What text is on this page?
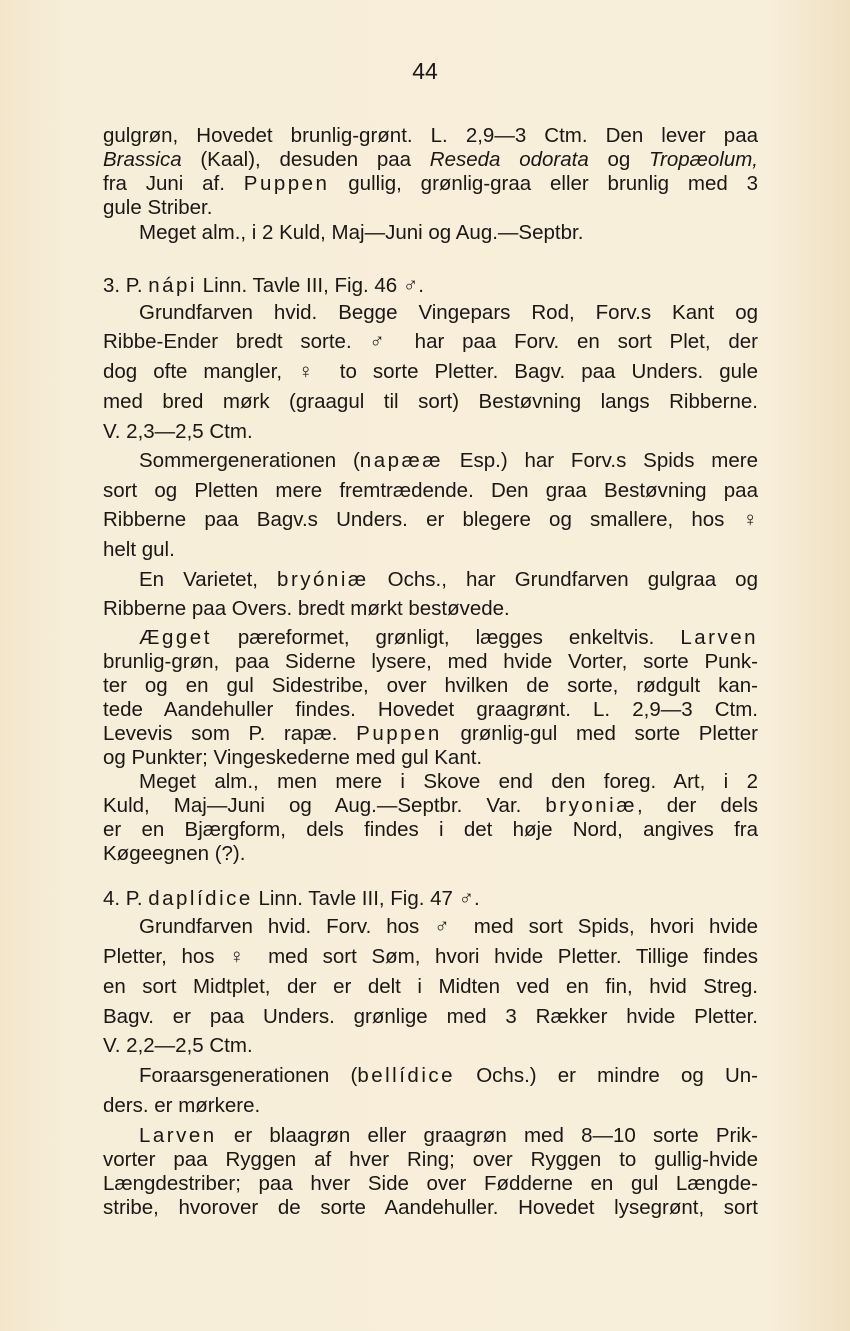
44
gulgrøn, Hovedet brunlig-grønt. L. 2,9—3 Ctm. Den lever paa
Brassica (Kaal), desuden paa Reseda odorata og Tropæolum,
fra Juni af. Puppen gullig, grønlig-graa eller brunlig med 3
gule Striber.
Meget alm., i 2 Kuld, Maj—Juni og Aug.—Septbr.
3. P. nápi Linn. Tavle III, Fig. 46 ♂.
Grundfarven hvid. Begge Vingepars Rod, Forv.s Kant og
Ribbe-Ender bredt sorte. ♂ har paa Forv. en sort Plet, der
dog ofte mangler, ♀ to sorte Pletter. Bagv. paa Unders. gule
med bred mørk (graagul til sort) Bestøvning langs Ribberne.
V. 2,3—2,5 Ctm.
Sommergenerationen (napææ Esp.) har Forv.s Spids mere
sort og Pletten mere fremtrædende. Den graa Bestøvning paa
Ribberne paa Bagv.s Unders. er blegere og smallere, hos ♀
helt gul.
En Varietet, bryóniæ Ochs., har Grundfarven gulgraa og
Ribberne paa Overs. bredt mørkt bestøvede.
Ægget pæreformet, grønligt, lægges enkeltvis. Larven
brunlig-grøn, paa Siderne lysere, med hvide Vorter, sorte Punk-
ter og en gul Sidestribe, over hvilken de sorte, rødgult kan-
tede Aandehuller findes. Hovedet graagrønt. L. 2,9—3 Ctm.
Levevis som P. rapæ. Puppen grønlig-gul med sorte Pletter
og Punkter; Vingeskederne med gul Kant.
Meget alm., men mere i Skove end den foreg. Art, i 2
Kuld, Maj—Juni og Aug.—Septbr. Var. bryoniæ, der dels
er en Bjærgform, dels findes i det høje Nord, angives fra
Køgeegnen (?).
4. P. daplídice Linn. Tavle III, Fig. 47 ♂.
Grundfarven hvid. Forv. hos ♂ med sort Spids, hvori hvide
Pletter, hos ♀ med sort Søm, hvori hvide Pletter. Tillige findes
en sort Midtplet, der er delt i Midten ved en fin, hvid Streg.
Bagv. er paa Unders. grønlige med 3 Rækker hvide Pletter.
V. 2,2—2,5 Ctm.
Foraarsgenerationen (bellídice Ochs.) er mindre og Un-
ders. er mørkere.
Larven er blaagrøn eller graagrøn med 8—10 sorte Prik-
vorter paa Ryggen af hver Ring; over Ryggen to gullig-hvide
Længdestriber; paa hver Side over Fødderne en gul Længde-
stribe, hvorover de sorte Aandehuller. Hovedet lysegrønt, sort
